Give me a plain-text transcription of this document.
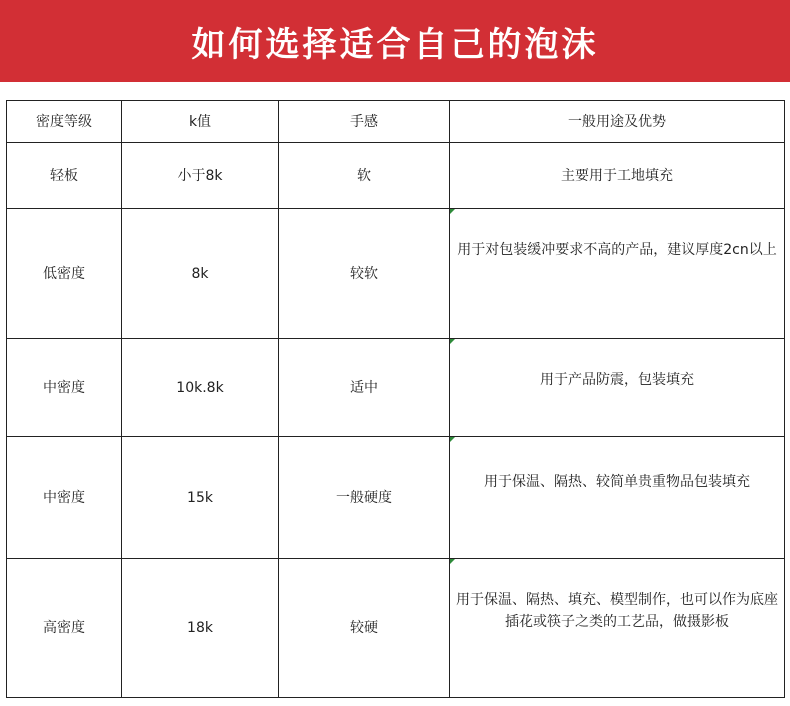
如何选择适合自己的泡沫
密度等级	k值	手感	一般用途及优势
轻板	小于8k	软	主要用于工地填充
低密度	8k	较软	用于对包装缓冲要求不高的产品，建议厚度2cn以上
中密度	10k.8k	适中	用于产品防震，包装填充
中密度	15k	一般硬度	用于保温、隔热、较简单贵重物品包装填充
高密度	18k	较硬	用于保温、隔热、填充、模型制作，也可以作为底座插花或筷子之类的工艺品，做摄影板
